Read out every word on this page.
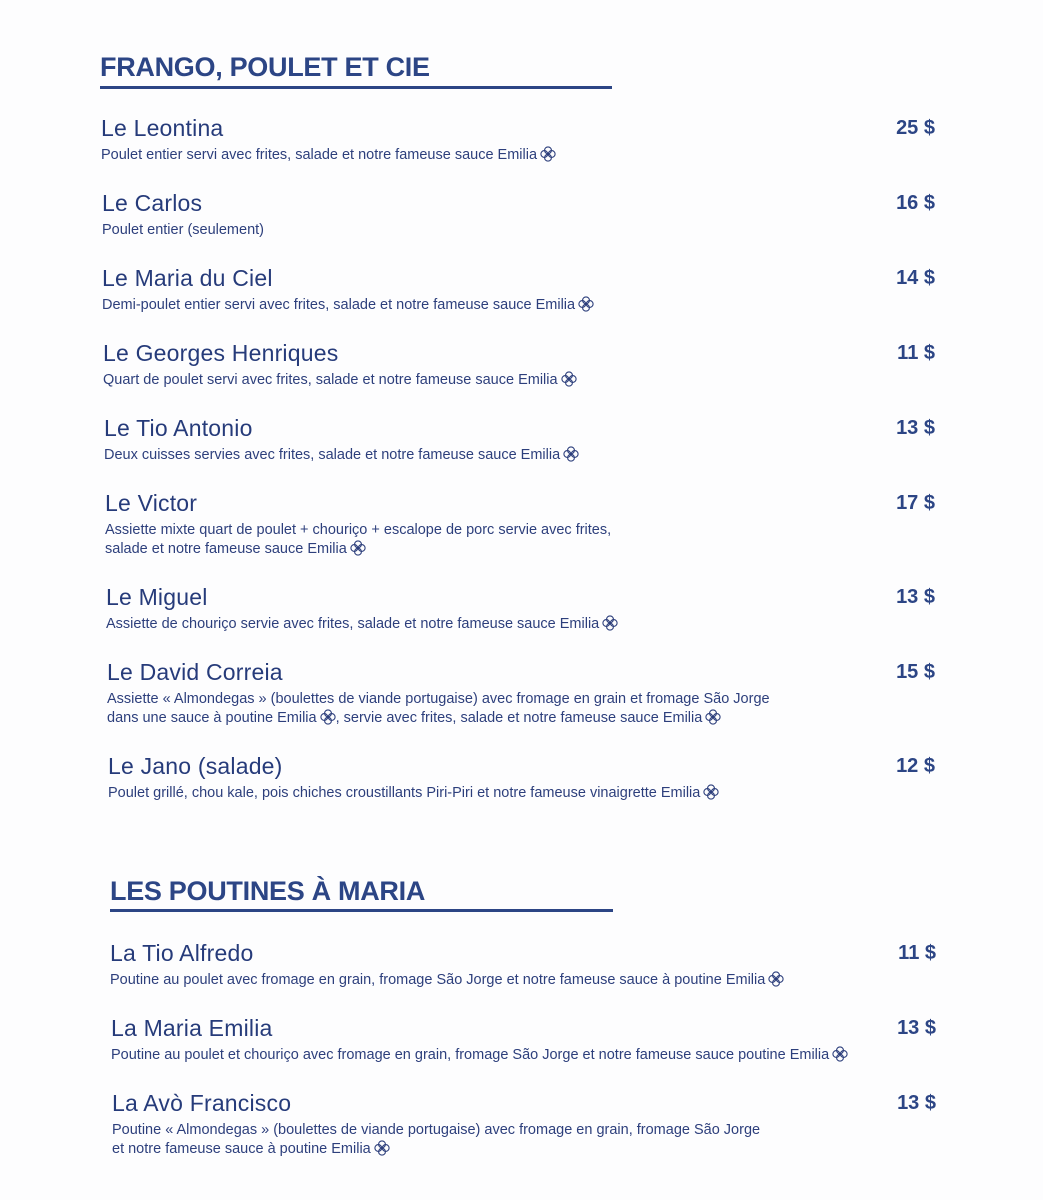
FRANGO, POULET ET CIE
Le Leontina	25 $
Poulet entier servi avec frites, salade et notre fameuse sauce Emilia
Le Carlos	16 $
Poulet entier (seulement)
Le Maria du Ciel	14 $
Demi-poulet entier servi avec frites, salade et notre fameuse sauce Emilia
Le Georges Henriques	11 $
Quart de poulet servi avec frites, salade et notre fameuse sauce Emilia
Le Tio Antonio	13 $
Deux cuisses servies avec frites, salade et notre fameuse sauce Emilia
Le Victor	17 $
Assiette mixte quart de poulet + chouriço + escalope de porc servie avec frites,
salade et notre fameuse sauce Emilia
Le Miguel	13 $
Assiette de chouriço servie avec frites, salade et notre fameuse sauce Emilia
Le David Correia	15 $
Assiette « Almondegas » (boulettes de viande portugaise) avec fromage en grain et fromage São Jorge
dans une sauce à poutine Emilia , servie avec frites, salade et notre fameuse sauce Emilia
Le Jano (salade)	12 $
Poulet grillé, chou kale, pois chiches croustillants Piri-Piri et notre fameuse vinaigrette Emilia
LES POUTINES À MARIA
La Tio Alfredo	11 $
Poutine au poulet avec fromage en grain, fromage São Jorge et notre fameuse sauce à poutine Emilia
La Maria Emilia	13 $
Poutine au poulet et chouriço avec fromage en grain, fromage São Jorge et notre fameuse sauce poutine Emilia
La Avò Francisco	13 $
Poutine « Almondegas » (boulettes de viande portugaise) avec fromage en grain, fromage São Jorge
et notre fameuse sauce à poutine Emilia
